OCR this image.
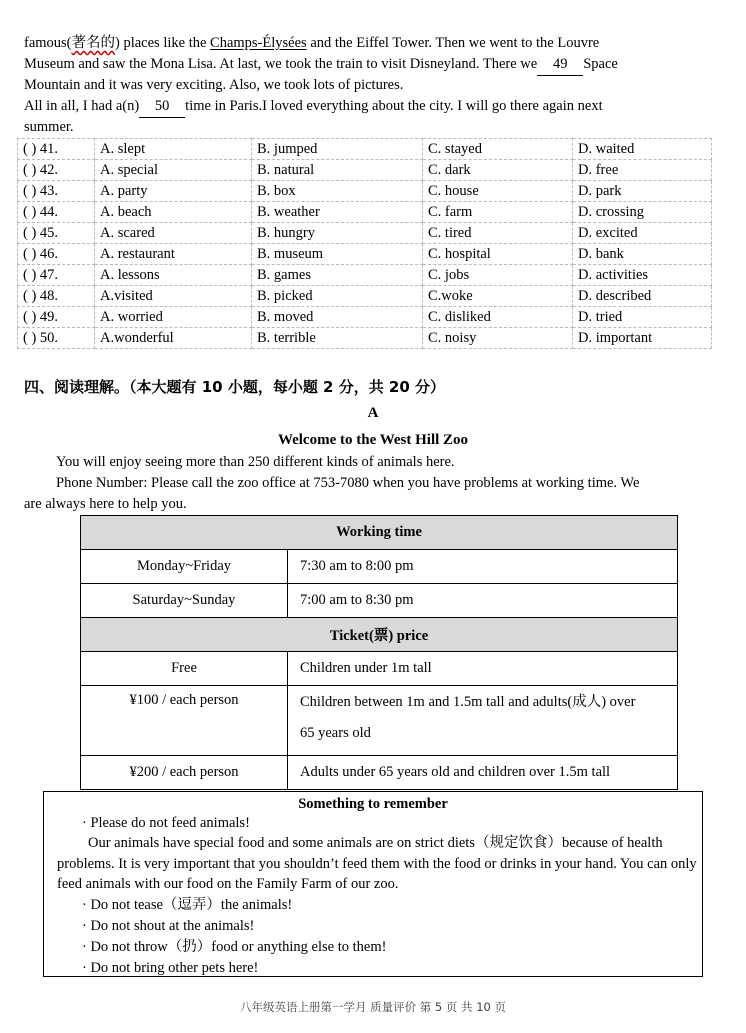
famous(著名的) places like the Champs-Élysées and the Eiffel Tower. Then we went to the Louvre
Museum and saw the Mona Lisa. At last, we took the train to visit Disneyland. There we 49 Space
Mountain and it was very exciting. Also, we took lots of pictures.
All in all, I had a(n) 50 time in Paris.I loved everything about the city. I will go there again next
summer.
( ) 41.	A. slept	B. jumped	C. stayed	D. waited
( ) 42.	A. special	B. natural	C. dark	D. free
( ) 43.	A. party	B. box	C. house	D. park
( ) 44.	A. beach	B. weather	C. farm	D. crossing
( ) 45.	A. scared	B. hungry	C. tired	D. excited
( ) 46.	A. restaurant	B. museum	C. hospital	D. bank
( ) 47.	A. lessons	B. games	C. jobs	D. activities
( ) 48.	A.visited	B. picked	C.woke	D. described
( ) 49.	A. worried	B. moved	C. disliked	D. tried
( ) 50.	A.wonderful	B. terrible	C. noisy	D. important
四、阅读理解。（本大题有 10 小题，每小题 2 分，共 20 分）
A
Welcome to the West Hill Zoo
You will enjoy seeing more than 250 different kinds of animals here.
Phone Number: Please call the zoo office at 753-7080 when you have problems at working time. We
are always here to help you.
Working time	
Monday~Friday	7:30 am to 8:00 pm
Saturday~Sunday	7:00 am to 8:30 pm
Ticket(票) price	
Free	Children under 1m tall
¥100 / each person	Children between 1m and 1.5m tall and adults(成人) over
65 years old
¥200 / each person	Adults under 65 years old and children over 1.5m tall
Something to remember
· Please do not feed animals!
Our animals have special food and some animals are on strict diets（规定饮食）because of health problems. It is very important that you shouldn’t feed them with the food or drinks in your hand. You can only feed animals with our food on the Family Farm of our zoo.
· Do not tease（逗弄）the animals!
· Do not shout at the animals!
· Do not throw（扔）food or anything else to them!
· Do not bring other pets here!
八年级英语上册第一学月 质量评价 第 5 页 共 10 页
